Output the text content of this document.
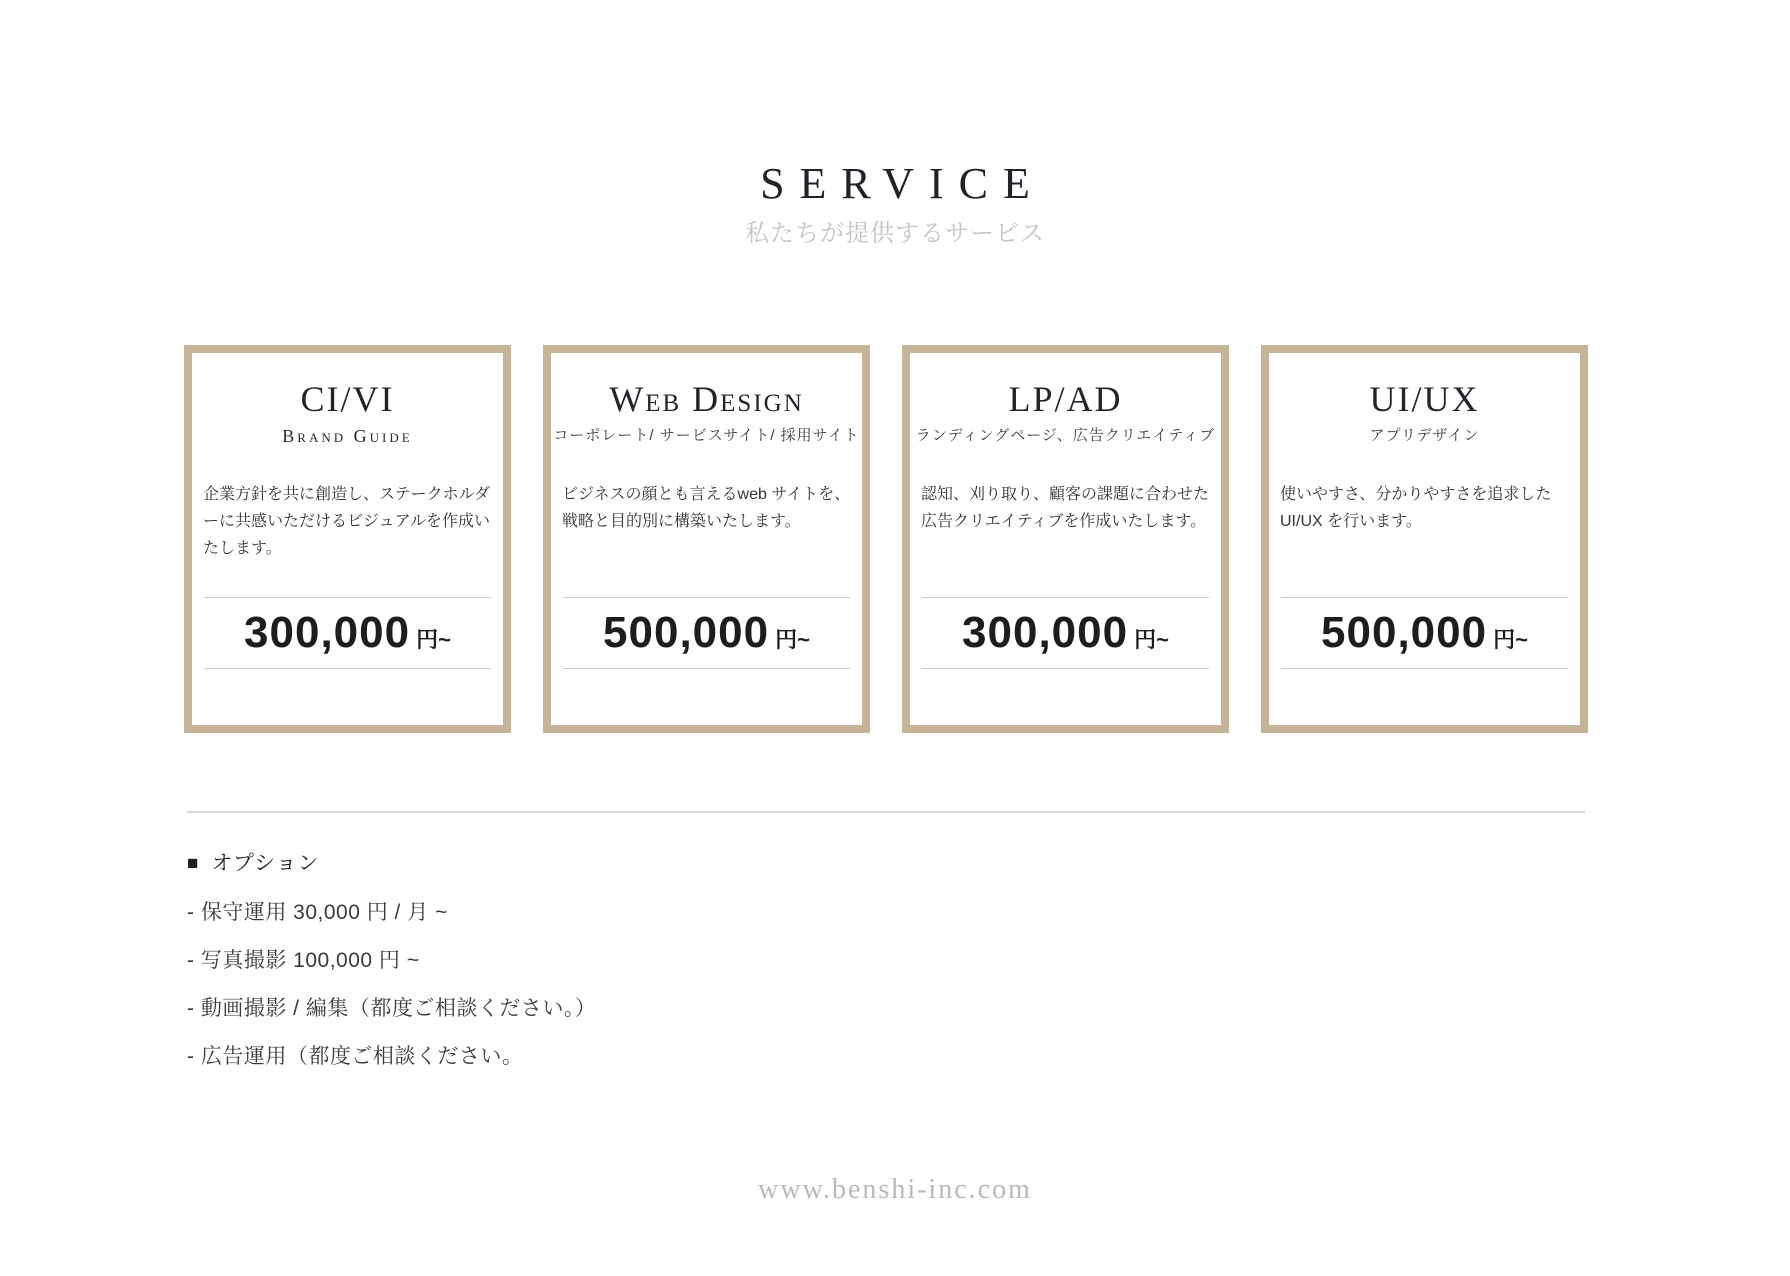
SERVICE

私たちが提供するサービス

CI/VI

Brand Guide

企業方針を共に創造し、ステークホルダーに共感いただけるビジュアルを作成いたします。

300,000 円~
Web Design

コーポレート/ サービスサイト/ 採用サイト

ビジネスの顔とも言えるweb サイトを、戦略と目的別に構築いたします。

500,000 円~
LP/AD

ランディングページ、広告クリエイティブ

認知、刈り取り、顧客の課題に合わせた広告クリエイティブを作成いたします。

300,000 円~
UI/UX

アプリデザイン

使いやすさ、分かりやすさを追求したUI/UX を行います。

500,000 円~

■ オプション

- 保守運用 30,000 円 / 月 ~

- 写真撮影 100,000 円 ~

- 動画撮影 / 編集（都度ご相談ください。）

- 広告運用（都度ご相談ください。

www.benshi-inc.com
